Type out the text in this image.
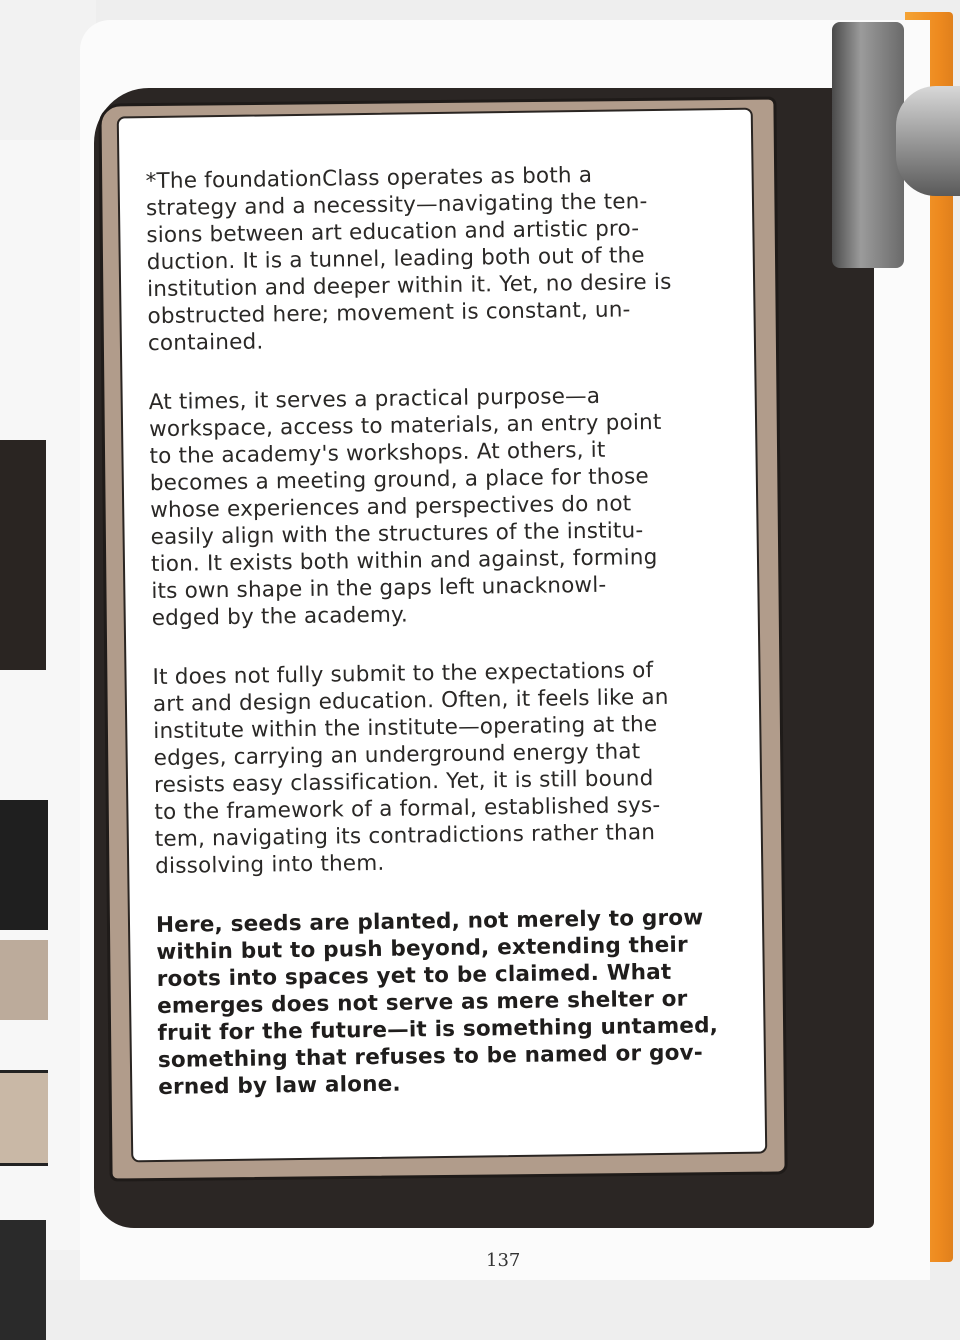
*The foundationClass operates as both a
strategy and a necessity—navigating the ten-
sions between art education and artistic pro-
duction. It is a tunnel, leading both out of the
institution and deeper within it. Yet, no desire is
obstructed here; movement is constant, un-
contained.

At times, it serves a practical purpose—a
workspace, access to materials, an entry point
to the academy's workshops. At others, it
becomes a meeting ground, a place for those
whose experiences and perspectives do not
easily align with the structures of the institu-
tion. It exists both within and against, forming
its own shape in the gaps left unacknowl-
edged by the academy.

It does not fully submit to the expectations of
art and design education. Often, it feels like an
institute within the institute—operating at the
edges, carrying an underground energy that
resists easy classification. Yet, it is still bound
to the framework of a formal, established sys-
tem, navigating its contradictions rather than
dissolving into them.

Here, seeds are planted, not merely to grow
within but to push beyond, extending their
roots into spaces yet to be claimed. What
emerges does not serve as mere shelter or
fruit for the future—it is something untamed,
something that refuses to be named or gov-
erned by law alone.

137
